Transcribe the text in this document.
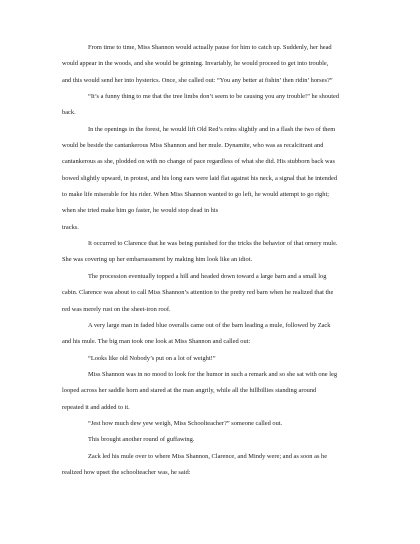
From time to time, Miss Shannon would actually pause for him to catch up. Suddenly, her head
would appear in the woods, and she would be grinning. Invariably, he would proceed to get into trouble,
and this would send her into hysterics. Once, she called out: “You any better at fishin’ then ridin’ horses?”
“It’s a funny thing to me that the tree limbs don’t seem to be causing you any trouble!” he shouted
back.
In the openings in the forest, he would lift Old Red’s reins slightly and in a flash the two of them
would be beside the cantankerous Miss Shannon and her mule. Dynamite, who was as recalcitrant and
cantankerous as she, plodded on with no change of pace regardless of what she did. His stubborn back was
bowed slightly upward, in protest, and his long ears were laid flat against his neck, a signal that he intended
to make life miserable for his rider. When Miss Shannon wanted to go left, he would attempt to go right;
when she tried make him go faster, he would stop dead in his
tracks.
It occurred to Clarence that he was being punished for the tricks the behavior of that ornery mule.
She was covering up her embarrassment by making him look like an idiot.
The procession eventually topped a hill and headed down toward a large barn and a small log
cabin. Clarence was about to call Miss Shannon’s attention to the pretty red barn when he realized that the
red was merely rust on the sheet-iron roof.
A very large man in faded blue overalls came out of the barn leading a mule, followed by Zack
and his mule. The big man took one look at Miss Shannon and called out:
“Looks like old Nobody’s put on a lot of weight!”
Miss Shannon was in no mood to look for the humor in such a remark and so she sat with one leg
looped across her saddle horn and stared at the man angrily, while all the hillbillies standing around
repeated it and added to it.
“Jest how much dew yew weigh, Miss Schoolteacher?” someone called out.
This brought another round of guffawing.
Zack led his mule over to where Miss Shannon, Clarence, and Mindy were; and as soon as he
realized how upset the schoolteacher was, he said:
